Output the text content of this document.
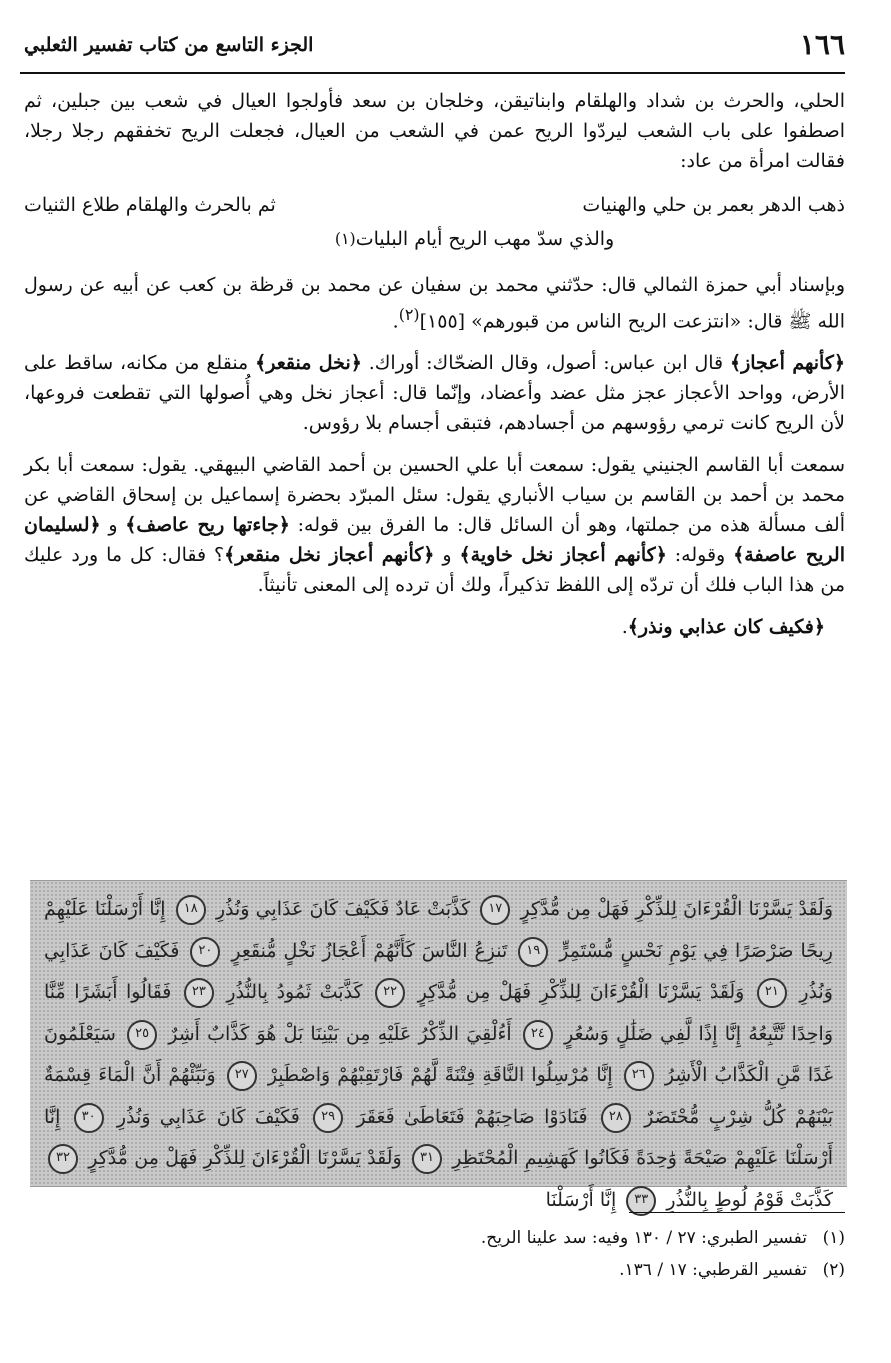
١٦٦
الجزء التاسع من كتاب تفسير الثعلبي

الحلي، والحرث بن شداد والهلقام وابناتيقن، وخلجان بن سعد فأولجوا العيال في شعب بين جبلين، ثم اصطفوا على باب الشعب ليردّوا الريح عمن في الشعب من العيال، فجعلت الريح تخفقهم رجلا رجلا، فقالت امرأة من عاد:

ذهب الدهر بعمر بن حلي والهنيات
ثم بالحرث والهلقام طلاع الثنيات
والذي سدّ مهب الريح أيام البليات
(١)

وبإسناد أبي حمزة الثمالي قال: حدّثني محمد بن سفيان عن محمد بن قرظة بن كعب عن أبيه عن رسول الله ﷺ قال: «انتزعت الريح الناس من قبورهم» [١٥٥]$^{(٢)}$.

﴿كأنهم أعجاز﴾ قال ابن عباس: أصول، وقال الضحّاك: أوراك. ﴿نخل منقعر﴾ منقلع من مكانه، ساقط على الأرض، وواحد الأعجاز عجز مثل عضد وأعضاد، وإنّما قال: أعجاز نخل وهي أُصولها التي تقطعت فروعها، لأن الريح كانت ترمي رؤوسهم من أجسادهم، فتبقى أجسام بلا رؤوس.

سمعت أبا القاسم الجنيني يقول: سمعت أبا علي الحسين بن أحمد القاضي البيهقي. يقول: سمعت أبا بكر محمد بن أحمد بن القاسم بن سياب الأنباري يقول: سئل المبرّد بحضرة إسماعيل بن إسحاق القاضي عن ألف مسألة هذه من جملتها، وهو أن السائل قال: ما الفرق بين قوله: ﴿جاءتها ريح عاصف﴾ و ﴿لسليمان الريح عاصفة﴾ وقوله: ﴿كأنهم أعجاز نخل خاوية﴾ و ﴿كأنهم أعجاز نخل منقعر﴾؟ فقال: كل ما ورد عليك من هذا الباب فلك أن تردّه إلى اللفظ تذكيراً، ولك أن ترده إلى المعنى تأنيثاً.

﴿فكيف كان عذابي ونذر﴾.

وَلَقَدْ يَسَّرْنَا الْقُرْءَانَ لِلذِّكْرِ فَهَلْ مِن مُّدَّكِرٍ ١٧ كَذَّبَتْ عَادٌ فَكَيْفَ كَانَ عَذَابِي وَنُذُرِ ١٨ إِنَّا أَرْسَلْنَا عَلَيْهِمْ رِيحًا صَرْصَرًا فِي يَوْمِ نَحْسٍ مُّسْتَمِرٍّ ١٩ تَنزِعُ النَّاسَ كَأَنَّهُمْ أَعْجَازُ نَخْلٍ مُّنقَعِرٍ ٢٠ فَكَيْفَ كَانَ عَذَابِي وَنُذُرِ ٢١ وَلَقَدْ يَسَّرْنَا الْقُرْءَانَ لِلذِّكْرِ فَهَلْ مِن مُّدَّكِرٍ ٢٢ كَذَّبَتْ ثَمُودُ بِالنُّذُرِ ٢٣ فَقَالُوا أَبَشَرًا مِّنَّا وَاحِدًا نَّتَّبِعُهُ إِنَّا إِذًا لَّفِي ضَلَٰلٍ وَسُعُرٍ ٢٤ أَءُلْقِيَ الذِّكْرُ عَلَيْهِ مِن بَيْنِنَا بَلْ هُوَ كَذَّابٌ أَشِرٌ ٢٥ سَيَعْلَمُونَ غَدًا مَّنِ الْكَذَّابُ الْأَشِرُ ٢٦ إِنَّا مُرْسِلُوا النَّاقَةِ فِتْنَةً لَّهُمْ فَارْتَقِبْهُمْ وَاصْطَبِرْ ٢٧ وَنَبِّئْهُمْ أَنَّ الْمَاءَ قِسْمَةٌ بَيْنَهُمْ كُلُّ شِرْبٍ مُّحْتَضَرٌ ٢٨ فَنَادَوْا صَاحِبَهُمْ فَتَعَاطَىٰ فَعَقَرَ ٢٩ فَكَيْفَ كَانَ عَذَابِي وَنُذُرِ ٣٠ إِنَّا أَرْسَلْنَا عَلَيْهِمْ صَيْحَةً وَٰحِدَةً فَكَانُوا كَهَشِيمِ الْمُحْتَظِرِ ٣١ وَلَقَدْ يَسَّرْنَا الْقُرْءَانَ لِلذِّكْرِ فَهَلْ مِن مُّدَّكِرٍ ٣٢ كَذَّبَتْ قَوْمُ لُوطٍ بِالنُّذُرِ ٣٣ إِنَّا أَرْسَلْنَا
(١)تفسير الطبري: ٢٧ / ١٣٠ وفيه: سد علينا الريح.
(٢)تفسير القرطبي: ١٧ / ١٣٦.
